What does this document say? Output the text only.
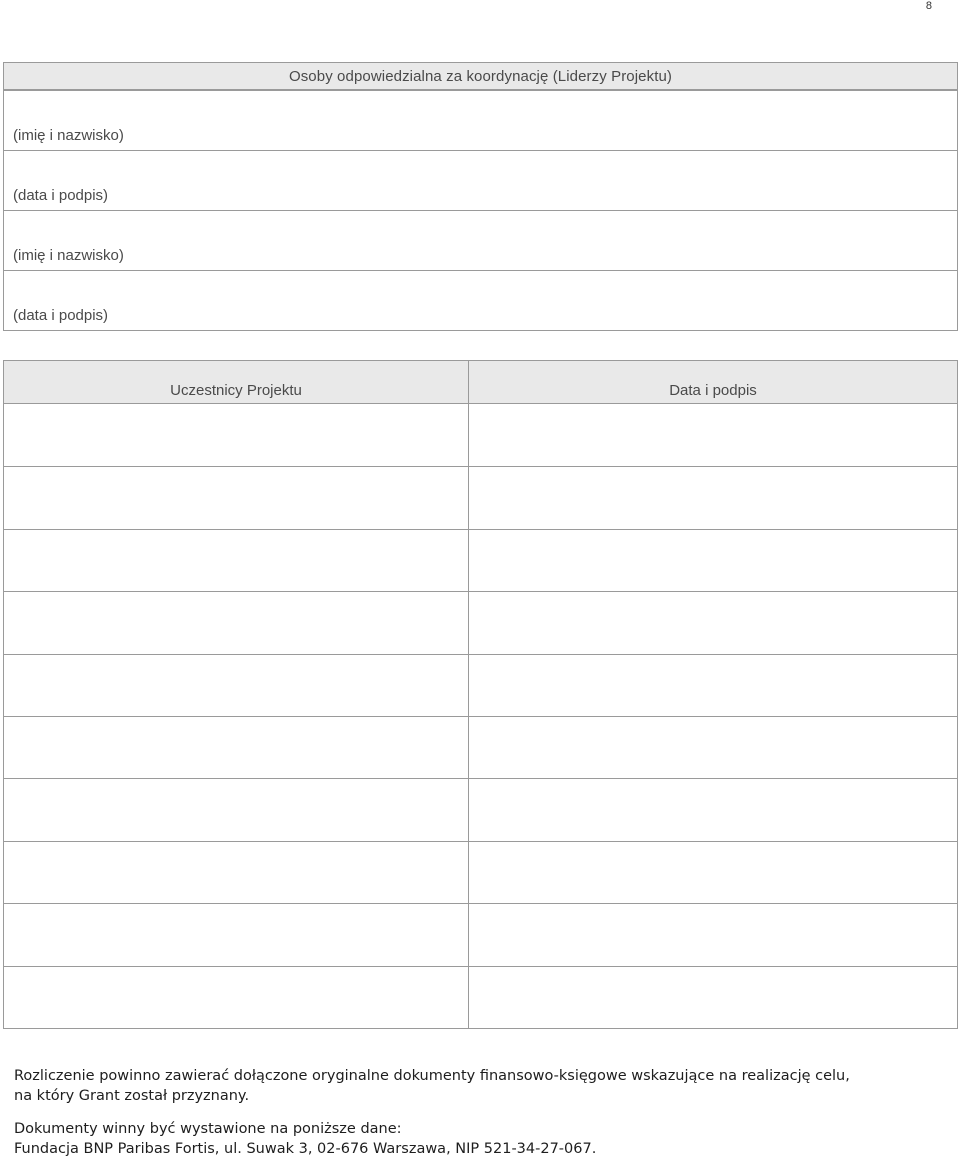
8
Osoby odpowiedzialna za koordynację (Liderzy Projektu)
(imię i nazwisko)
(data i podpis)
(imię i nazwisko)
(data i podpis)
Uczestnicy Projektu	Data i podpis

Rozliczenie powinno zawierać dołączone oryginalne dokumenty finansowo-księgowe wskazujące na realizację celu,

na który Grant został przyznany.

Dokumenty winny być wystawione na poniższe dane:

Fundacja BNP Paribas Fortis, ul. Suwak 3, 02-676 Warszawa, NIP 521-34-27-067.
